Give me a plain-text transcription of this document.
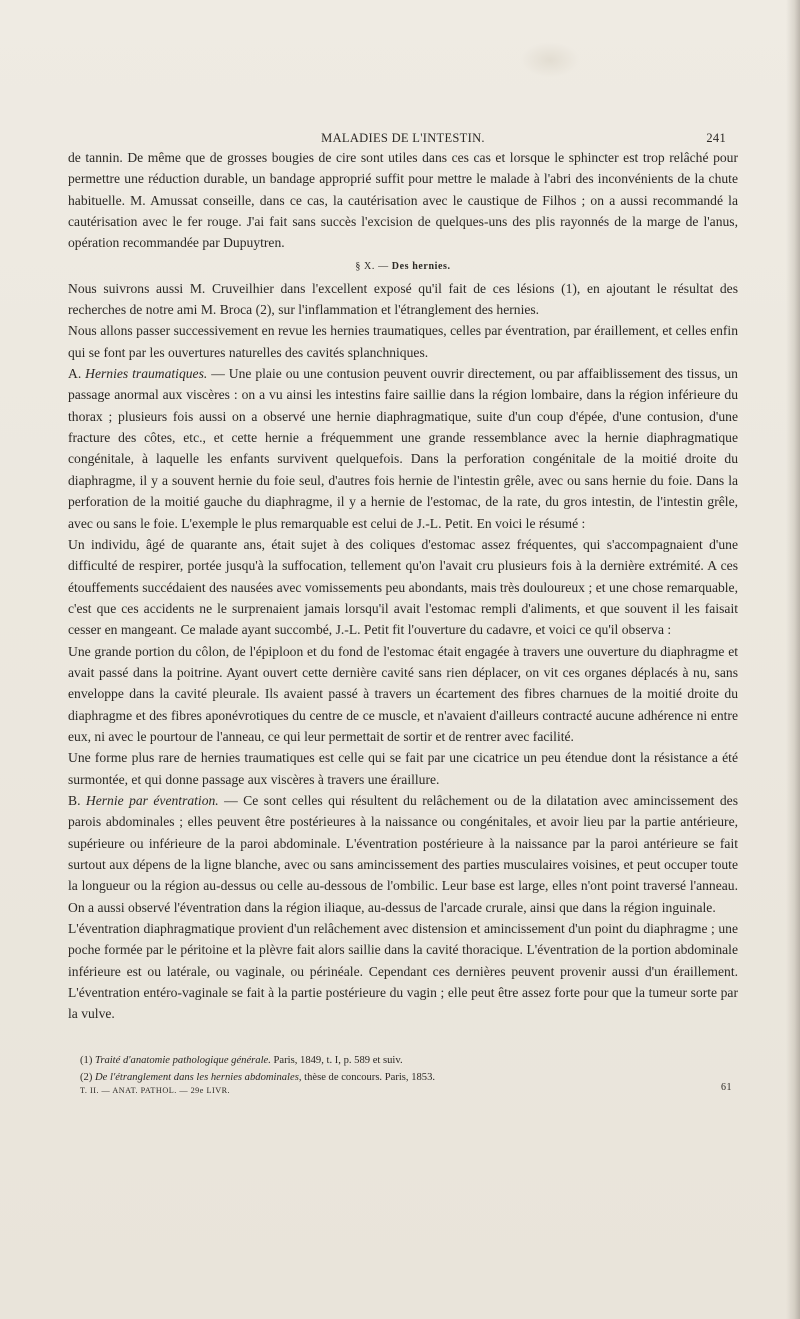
MALADIES DE L'INTESTIN.	241

de tannin. De même que de grosses bougies de cire sont utiles dans ces cas et lorsque le sphincter est trop relâché pour permettre une réduction durable, un bandage approprié suffit pour mettre le malade à l'abri des inconvénients de la chute habituelle. M. Amussat conseille, dans ce cas, la cautérisation avec le caustique de Filhos ; on a aussi recommandé la cautérisation avec le fer rouge. J'ai fait sans succès l'excision de quelques-uns des plis rayonnés de la marge de l'anus, opération recommandée par Dupuytren.

§ X. — Des hernies.

Nous suivrons aussi M. Cruveilhier dans l'excellent exposé qu'il fait de ces lésions (1), en ajoutant le résultat des recherches de notre ami M. Broca (2), sur l'inflammation et l'étranglement des hernies.

Nous allons passer successivement en revue les hernies traumatiques, celles par éventration, par éraillement, et celles enfin qui se font par les ouvertures naturelles des cavités splanchniques.

A. Hernies traumatiques. — Une plaie ou une contusion peuvent ouvrir directement, ou par affaiblissement des tissus, un passage anormal aux viscères : on a vu ainsi les intestins faire saillie dans la région lombaire, dans la région inférieure du thorax ; plusieurs fois aussi on a observé une hernie diaphragmatique, suite d'un coup d'épée, d'une contusion, d'une fracture des côtes, etc., et cette hernie a fréquemment une grande ressemblance avec la hernie diaphragmatique congénitale, à laquelle les enfants survivent quelquefois. Dans la perforation congénitale de la moitié droite du diaphragme, il y a souvent hernie du foie seul, d'autres fois hernie de l'intestin grêle, avec ou sans hernie du foie. Dans la perforation de la moitié gauche du diaphragme, il y a hernie de l'estomac, de la rate, du gros intestin, de l'intestin grêle, avec ou sans le foie. L'exemple le plus remarquable est celui de J.-L. Petit. En voici le résumé :

Un individu, âgé de quarante ans, était sujet à des coliques d'estomac assez fréquentes, qui s'accompagnaient d'une difficulté de respirer, portée jusqu'à la suffocation, tellement qu'on l'avait cru plusieurs fois à la dernière extrémité. A ces étouffements succédaient des nausées avec vomissements peu abondants, mais très douloureux ; et une chose remarquable, c'est que ces accidents ne le surprenaient jamais lorsqu'il avait l'estomac rempli d'aliments, et que souvent il les faisait cesser en mangeant. Ce malade ayant succombé, J.-L. Petit fit l'ouverture du cadavre, et voici ce qu'il observa :

Une grande portion du côlon, de l'épiploon et du fond de l'estomac était engagée à travers une ouverture du diaphragme et avait passé dans la poitrine. Ayant ouvert cette dernière cavité sans rien déplacer, on vit ces organes déplacés à nu, sans enveloppe dans la cavité pleurale. Ils avaient passé à travers un écartement des fibres charnues de la moitié droite du diaphragme et des fibres aponévrotiques du centre de ce muscle, et n'avaient d'ailleurs contracté aucune adhérence ni entre eux, ni avec le pourtour de l'anneau, ce qui leur permettait de sortir et de rentrer avec facilité.

Une forme plus rare de hernies traumatiques est celle qui se fait par une cicatrice un peu étendue dont la résistance a été surmontée, et qui donne passage aux viscères à travers une éraillure.

B. Hernie par éventration. — Ce sont celles qui résultent du relâchement ou de la dilatation avec amincissement des parois abdominales ; elles peuvent être postérieures à la naissance ou congénitales, et avoir lieu par la partie antérieure, supérieure ou inférieure de la paroi abdominale. L'éventration postérieure à la naissance par la paroi antérieure se fait surtout aux dépens de la ligne blanche, avec ou sans amincissement des parties musculaires voisines, et peut occuper toute la longueur ou la région au-dessus ou celle au-dessous de l'ombilic. Leur base est large, elles n'ont point traversé l'anneau. On a aussi observé l'éventration dans la région iliaque, au-dessus de l'arcade crurale, ainsi que dans la région inguinale.

L'éventration diaphragmatique provient d'un relâchement avec distension et amincissement d'un point du diaphragme ; une poche formée par le péritoine et la plèvre fait alors saillie dans la cavité thoracique. L'éventration de la portion abdominale inférieure est ou latérale, ou vaginale, ou périnéale. Cependant ces dernières peuvent provenir aussi d'un éraillement. L'éventration entéro-vaginale se fait à la partie postérieure du vagin ; elle peut être assez forte pour que la tumeur sorte par la vulve.

(1) Traité d'anatomie pathologique générale. Paris, 1849, t. I, p. 589 et suiv.

(2) De l'étranglement dans les hernies abdominales, thèse de concours. Paris, 1853.

T. II. — ANAT. PATHOL. — 29e LIVR.	61
